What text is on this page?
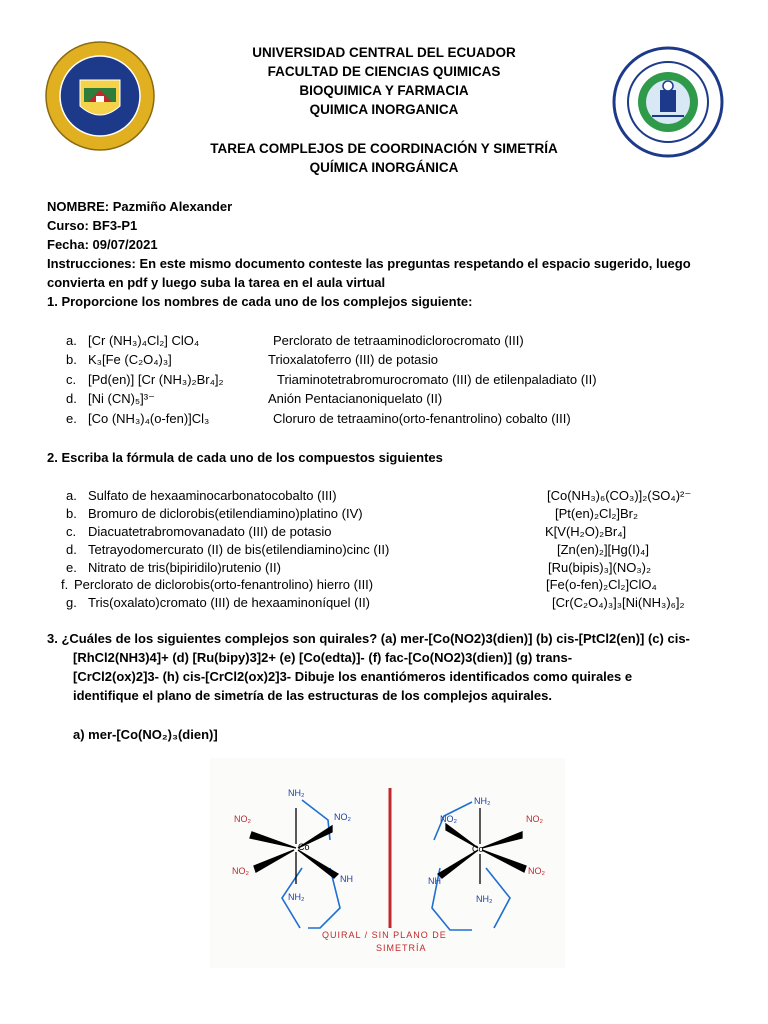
UNIVERSIDAD CENTRAL DEL ECUADOR
FACULTAD DE CIENCIAS QUIMICAS
BIOQUIMICA Y FARMACIA
QUIMICA INORGANICA
TAREA COMPLEJOS DE COORDINACIÓN Y SIMETRÍA
QUÍMICA INORGÁNICA
NOMBRE: Pazmiño Alexander
Curso: BF3-P1
Fecha: 09/07/2021
Instrucciones: En este mismo documento conteste las preguntas respetando el espacio sugerido, luego
convierta en pdf y luego suba la tarea en el aula virtual
1. Proporcione los nombres de cada uno de los complejos siguiente:
a. [Cr (NH₃)₄Cl₂] ClO₄	Perclorato de tetraaminodiclorocromato (III)
b. K₃[Fe (C₂O₄)₃]	Trioxalatoferro (III) de potasio
c. [Pd(en)] [Cr (NH₃)₂Br₄]₂	Triaminotetrabromurocromato (III) de etilenpaladiato (II)
d. [Ni (CN)₅]³⁻	Anión Pentacianoniquelato (II)
e. [Co (NH₃)₄(o-fen)]Cl₃	Cloruro de tetraamino(orto-fenantrolino) cobalto (III)
2. Escriba la fórmula de cada uno de los compuestos siguientes
a. Sulfato de hexaaminocarbonatocobalto (III)	[Co(NH₃)₆(CO₃)]₂(SO₄)²⁻
b. Bromuro de diclorobis(etilendiamino)platino (IV)	[Pt(en)₂Cl₂]Br₂
c. Diacuatetrabromovanadato (III) de potasio	K[V(H₂O)₂Br₄]
d. Tetrayodomercurato (II) de bis(etilendiamino)cinc (II)	[Zn(en)₂][Hg(I)₄]
e. Nitrato de tris(bipiridilo)rutenio (II)	[Ru(bipis)₃](NO₃)₂
f. Perclorato de diclorobis(orto-fenantrolino) hierro (III)	[Fe(o-fen)₂Cl₂]ClO₄
g. Tris(oxalato)cromato (III) de hexaaminoníquel (II)	[Cr(C₂O₄)₃]₃[Ni(NH₃)₆]₂
3. ¿Cuáles de los siguientes complejos son quirales? (a) mer-[Co(NO2)3(dien)] (b) cis-[PtCl2(en)] (c) cis-
[RhCl2(NH3)4]+ (d) [Ru(bipy)3]2+ (e) [Co(edta)]- (f) fac-[Co(NO2)3(dien)] (g) trans-
[CrCl2(ox)2]3- (h) cis-[CrCl2(ox)2]3- Dibuje los enantiómeros identificados como quirales e
identifique el plano de simetría de las estructuras de los complejos aquirales.
a) mer-[Co(NO₂)₃(dien)]
NH₂
NO₂	NO₂
Co
NO₂
NH
NH₂
NH₂
NO₂	NO₂
Co
NO₂
NH
NH₂
QUIRAL / SIN PLANO DE
SIMETRÍA
